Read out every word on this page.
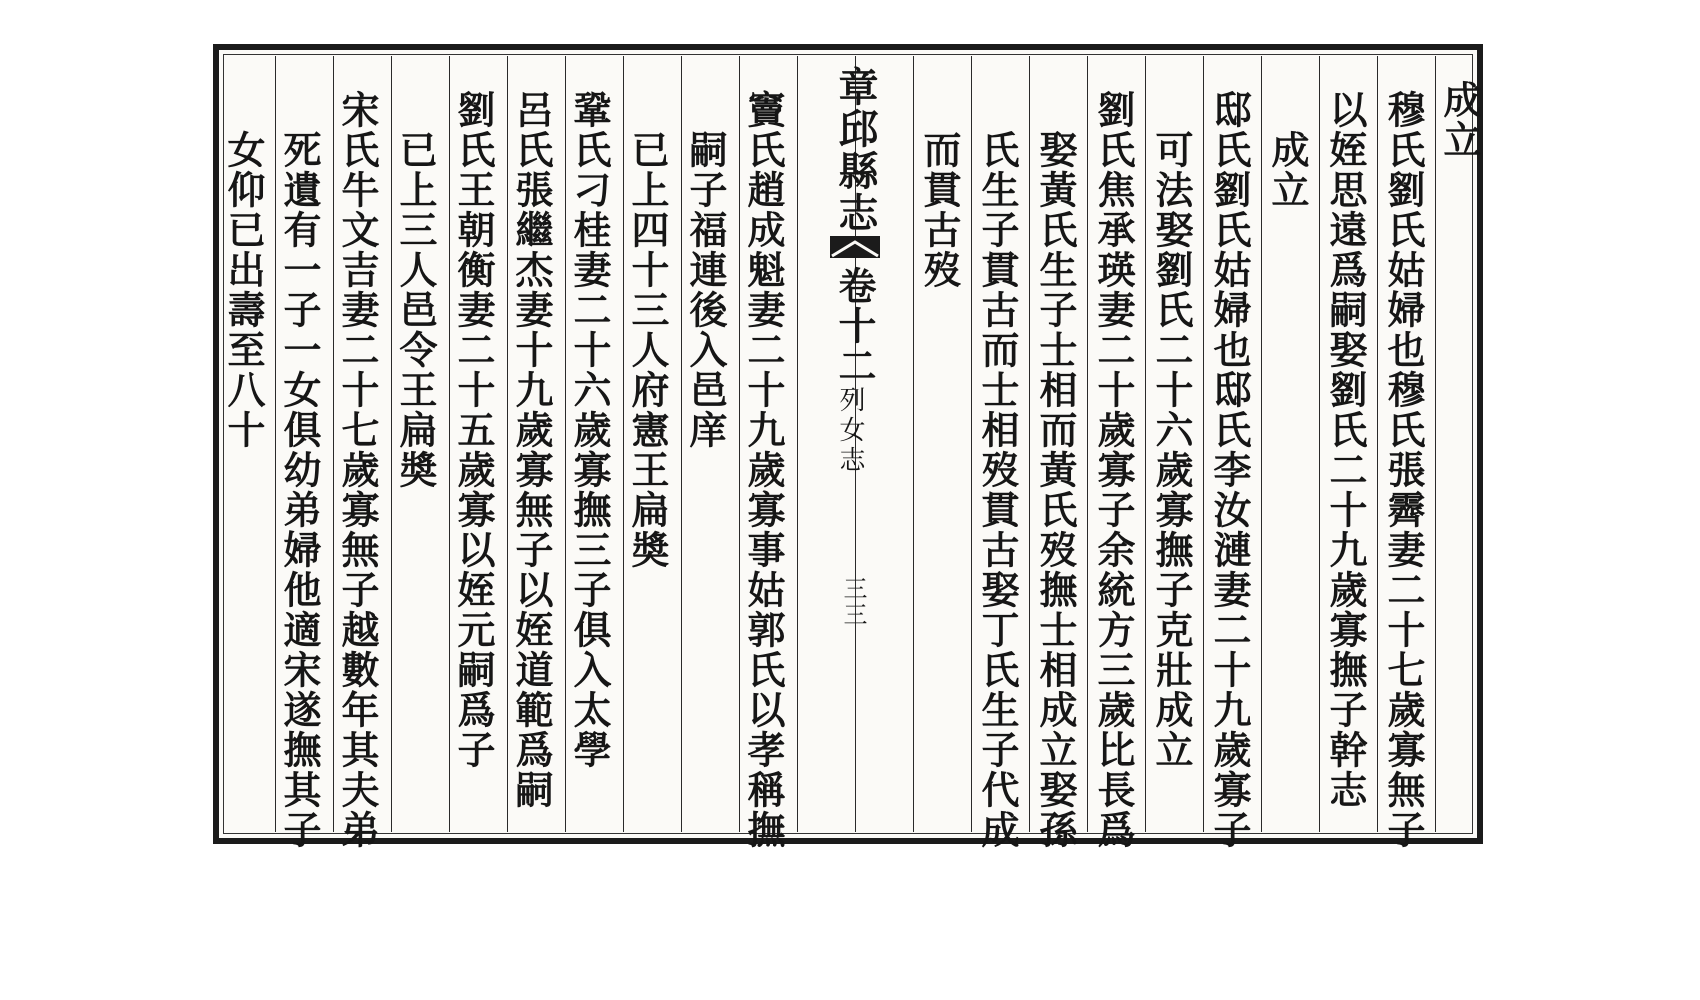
成立
穆氏劉氏姑婦也穆氏張霽妻二十七歲寡無子
以姪思遠爲嗣娶劉氏二十九歲寡撫子幹志
成立
邸氏劉氏姑婦也邸氏李汝漣妻二十九歲寡子
可法娶劉氏二十六歲寡撫子克壯成立
劉氏焦承瑛妻二十歲寡子余統方三歲比長爲
娶黃氏生子士相而黃氏歿撫士相成立娶孫
氏生子貫古而士相歿貫古娶丁氏生子代成
而貫古歿
章邱縣志
卷十二
列女志
三三
竇氏趙成魁妻二十九歲寡事姑郭氏以孝稱撫
嗣子福連後入邑庠
已上四十三人府憲王扁奬
鞏氏刁桂妻二十六歲寡撫三子俱入太學
呂氏張繼杰妻十九歲寡無子以姪道範爲嗣
劉氏王朝衡妻二十五歲寡以姪元嗣爲子
已上三人邑令王扁奬
宋氏牛文吉妻二十七歲寡無子越數年其夫弟
死遺有一子一女俱幼弟婦他適宋遂撫其子
女仰已出壽至八十
